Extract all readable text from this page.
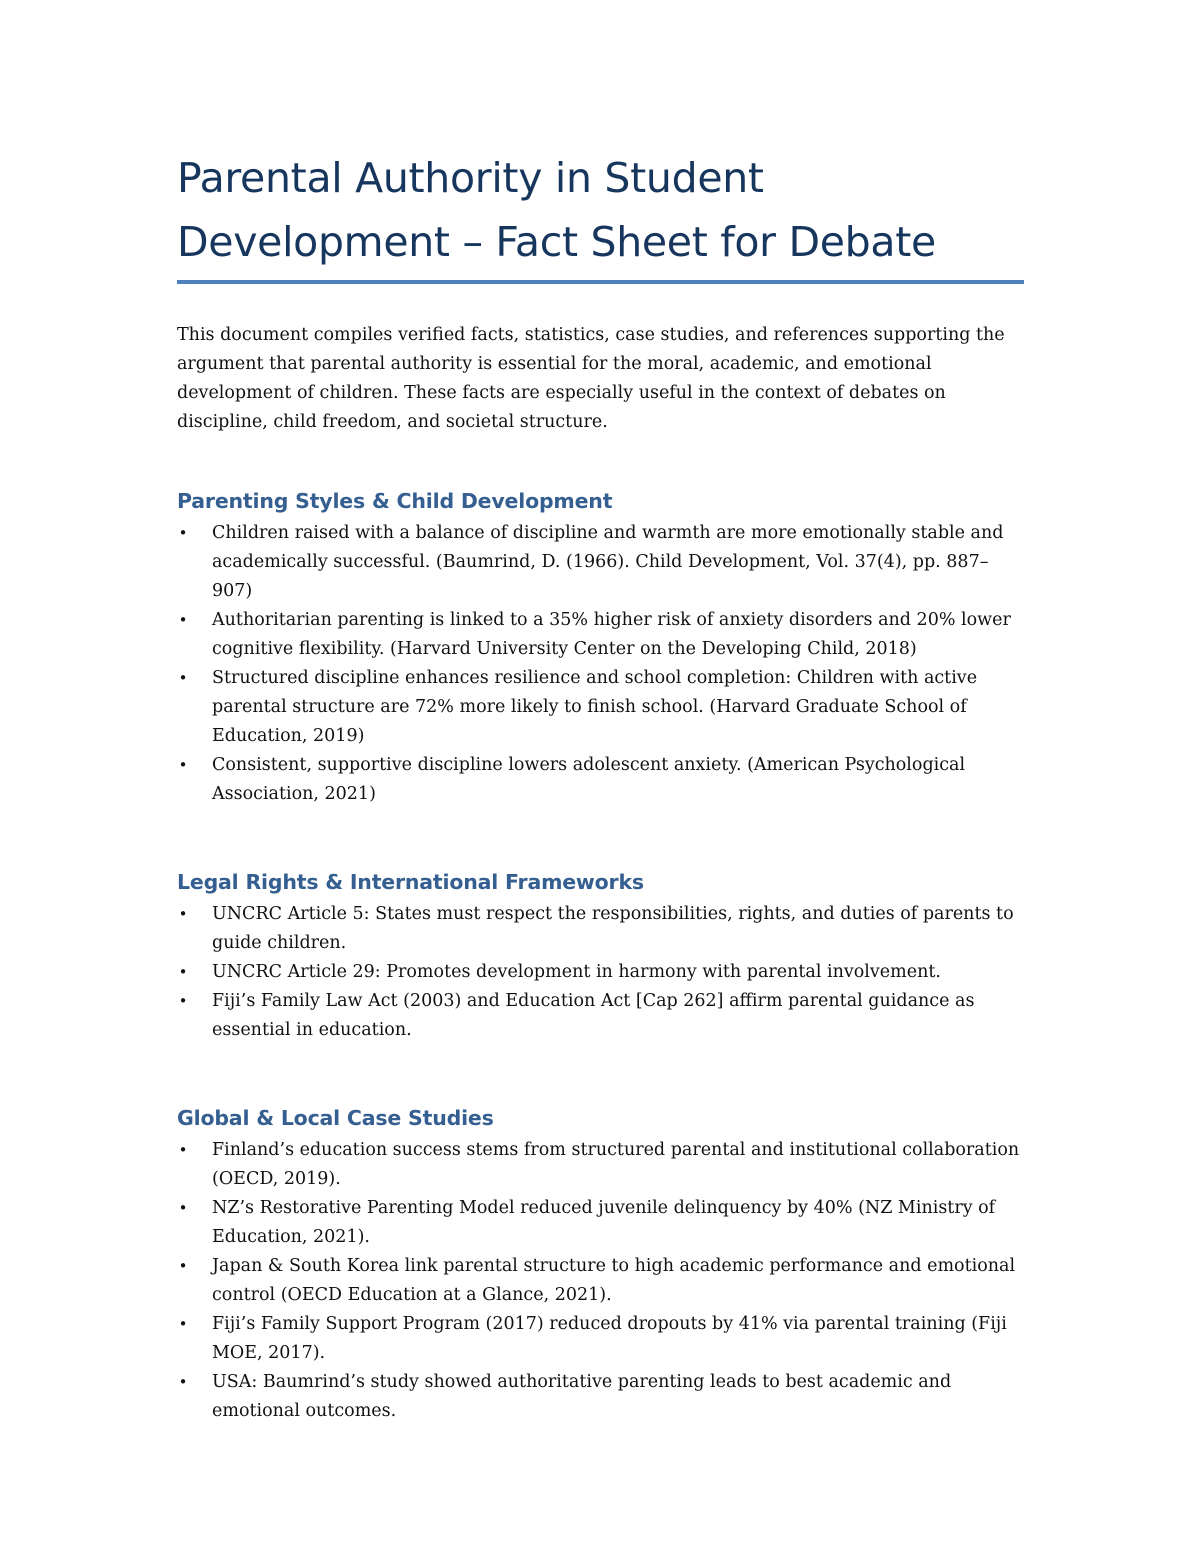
Parental Authority in Student
Development – Fact Sheet for Debate

This document compiles verified facts, statistics, case studies, and references supporting the argument that parental authority is essential for the moral, academic, and emotional development of children. These facts are especially useful in the context of debates on discipline, child freedom, and societal structure.

Parenting Styles & Child Development
• Children raised with a balance of discipline and warmth are more emotionally stable and academically successful. (Baumrind, D. (1966). Child Development, Vol. 37(4), pp. 887–907)
• Authoritarian parenting is linked to a 35% higher risk of anxiety disorders and 20% lower cognitive flexibility. (Harvard University Center on the Developing Child, 2018)
• Structured discipline enhances resilience and school completion: Children with active parental structure are 72% more likely to finish school. (Harvard Graduate School of Education, 2019)
• Consistent, supportive discipline lowers adolescent anxiety. (American Psychological Association, 2021)
Legal Rights & International Frameworks
• UNCRC Article 5: States must respect the responsibilities, rights, and duties of parents to guide children.
• UNCRC Article 29: Promotes development in harmony with parental involvement.
• Fiji’s Family Law Act (2003) and Education Act [Cap 262] affirm parental guidance as essential in education.
Global & Local Case Studies
• Finland’s education success stems from structured parental and institutional collaboration (OECD, 2019).
• NZ’s Restorative Parenting Model reduced juvenile delinquency by 40% (NZ Ministry of Education, 2021).
• Japan & South Korea link parental structure to high academic performance and emotional control (OECD Education at a Glance, 2021).
• Fiji’s Family Support Program (2017) reduced dropouts by 41% via parental training (Fiji MOE, 2017).
• USA: Baumrind’s study showed authoritative parenting leads to best academic and emotional outcomes.
